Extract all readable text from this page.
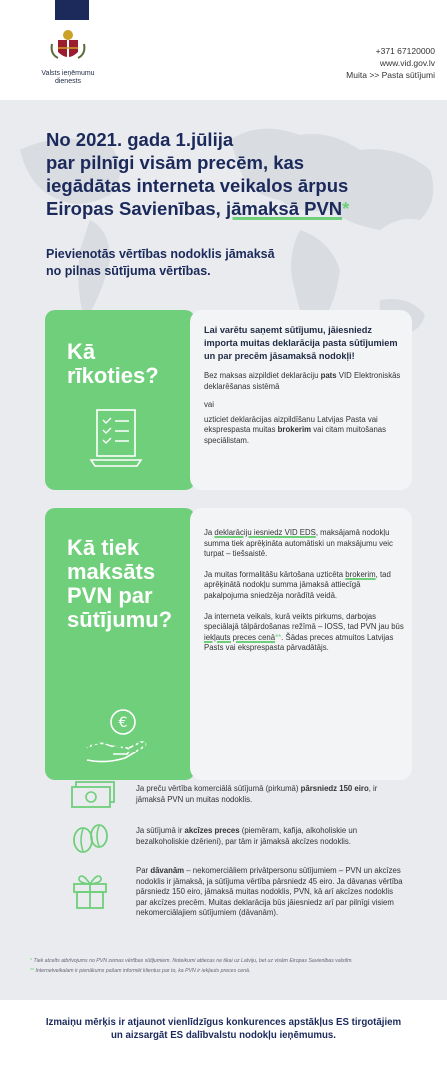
Valsts ieņēmumu
dienests
+371 67120000
www.vid.gov.lv
Muita >> Pasta sūtījumi
No 2021. gada 1.jūlija
par pilnīgi visām precēm, kas
iegādātas interneta veikalos ārpus
Eiropas Savienības, jāmaksā PVN*
Pievienotās vērtības nodoklis jāmaksā
no pilnas sūtījuma vērtības.
Kā
rīkoties?
Lai varētu saņemt sūtījumu, jāiesniedz importa muitas deklarācija pasta sūtījumiem un par precēm jāsamaksā nodokļi!
Bez maksas aizpildiet deklarāciju pats VID Elektroniskās deklarēšanas sistēmā
vai
uzticiet deklarācijas aizpildīšanu Latvijas Pasta vai eksprespasta muitas brokerim vai citam muitošanas speciālistam.
Kā tiek
maksāts
PVN par
sūtījumu?
€
Ja deklarāciju iesniedz VID EDS, maksājamā nodokļu summa tiek aprēķināta automātiski un maksājumu veic turpat – tiešsaistē.
Ja muitas formalitāšu kārtošana uzticēta brokerim, tad aprēķinātā nodokļu summa jāmaksā attiecīgā pakalpojuma sniedzēja norādītā veidā.
Ja interneta veikals, kurā veikts pirkums, darbojas speciālajā tālpārdošanas režīmā – IOSS, tad PVN jau būs iekļauts preces cenā**. Šādas preces atmuitos Latvijas Pasts vai eksprespasta pārvadātājs.
Citi nosacījumi
Ja preču vērtība komerciālā sūtījumā (pirkumā) pārsniedz 150 eiro, ir jāmaksā PVN un muitas nodoklis.
Ja sūtījumā ir akcīzes preces (piemēram, kafija, alkoholiskie un bezalkoholiskie dzērieni), par tām ir jāmaksā akcīzes nodoklis.
Par dāvanām – nekomerciāliem privātpersonu sūtījumiem – PVN un akcīzes nodoklis ir jāmaksā, ja sūtījuma vērtība pārsniedz 45 eiro. Ja dāvanas vērtība pārsniedz 150 eiro, jāmaksā muitas nodoklis, PVN, kā arī akcīzes nodoklis par akcīzes precēm. Muitas deklarācija būs jāiesniedz arī par pilnīgi visiem nekomerciālajiem sūtījumiem (dāvanām).
* Tiek atcelts atbrīvojums no PVN zemas vērtības sūtījumiem. Noteikumi attiecas ne tikai uz Latviju, bet uz visām Eiropas Savienības valstīm.
** Internetveikalam ir pienākums pašam informēt klientus par to, ka PVN ir iekļauts preces cenā.
Izmaiņu mērķis ir atjaunot vienlīdzīgus konkurences apstākļus ES tirgotājiem
un aizsargāt ES dalībvalstu nodokļu ieņēmumus.
